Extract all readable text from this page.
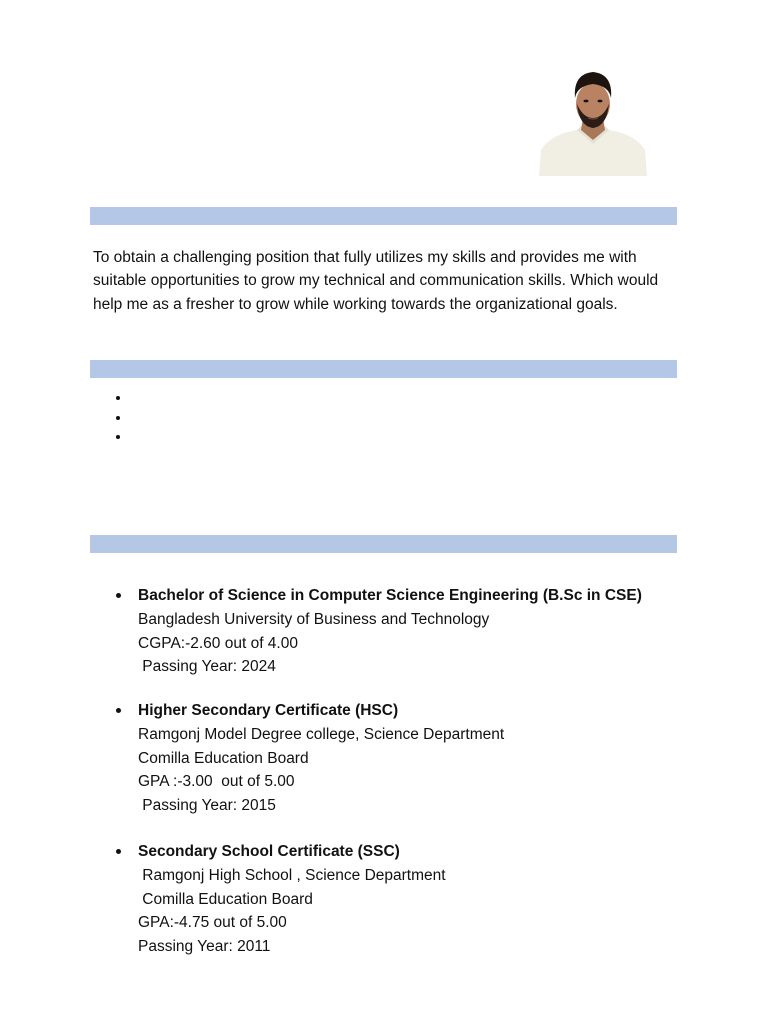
To obtain a challenging position that fully utilizes my skills and provides me with suitable opportunities to grow my technical and communication skills. Which would help me as a fresher to grow while working towards the organizational goals.

Bachelor of Science in Computer Science Engineering (B.Sc in CSE)
Bangladesh University of Business and Technology
CGPA:-2.60 out of 4.00
Passing Year: 2024
Higher Secondary Certificate (HSC)
Ramgonj Model Degree college, Science Department
Comilla Education Board
GPA :-3.00  out of 5.00
Passing Year: 2015
Secondary School Certificate (SSC)
Ramgonj High School , Science Department
Comilla Education Board
GPA:-4.75 out of 5.00
Passing Year: 2011
